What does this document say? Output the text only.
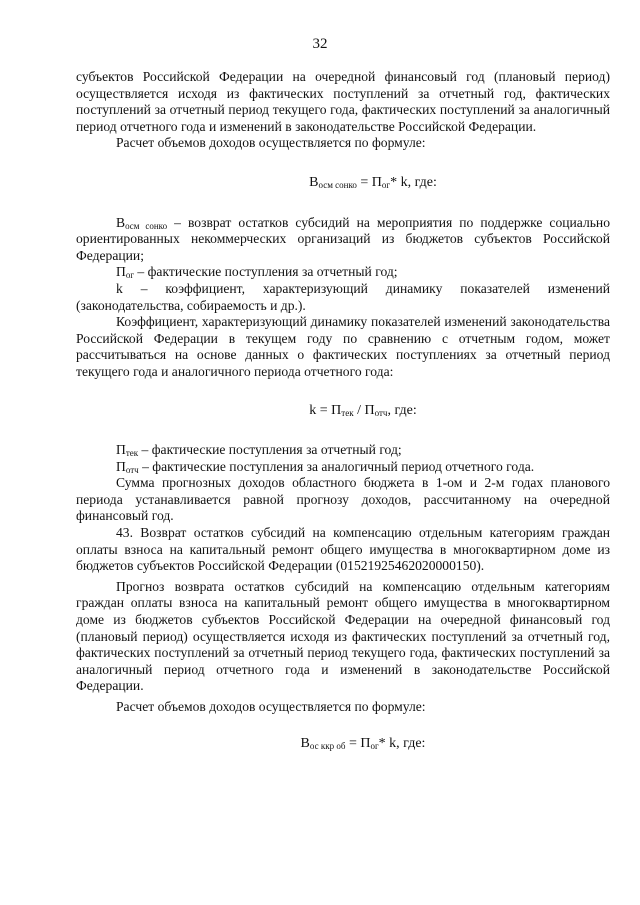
32

субъектов Российской Федерации на очередной финансовый год (плановый период) осуществляется исходя из фактических поступлений за отчетный год, фактических поступлений за отчетный период текущего года, фактических поступлений за аналогичный период отчетного года и изменений в законодательстве Российской Федерации.

Расчет объемов доходов осуществляется по формуле:

$В_{осм сонко} = П_{ог}*$ k, где:

$В_{осм сонко}$ – возврат остатков субсидий на мероприятия по поддержке социально ориентированных некоммерческих организаций из бюджетов субъектов Российской Федерации;

$П_{ог}$ – фактические поступления за отчетный год;

k – коэффициент, характеризующий динамику показателей изменений (законодательства, собираемость и др.).

Коэффициент, характеризующий динамику показателей изменений законодательства Российской Федерации в текущем году по сравнению с отчетным годом, может рассчитываться на основе данных о фактических поступлениях за отчетный период текущего года и аналогичного периода отчетного года:

$k = П_{тек} / П_{отч}$, где:

$П_{тек}$ – фактические поступления за отчетный год;

$П_{отч}$ – фактические поступления за аналогичный период отчетного года.

Сумма прогнозных доходов областного бюджета в 1-ом и 2-м годах планового периода устанавливается равной прогнозу доходов, рассчитанному на очередной финансовый год.

43. Возврат остатков субсидий на компенсацию отдельным категориям граждан оплаты взноса на капитальный ремонт общего имущества в многоквартирном доме из бюджетов субъектов Российской Федерации (01521925462020000150).

Прогноз возврата остатков субсидий на компенсацию отдельным категориям граждан оплаты взноса на капитальный ремонт общего имущества в многоквартирном доме из бюджетов субъектов Российской Федерации на очередной финансовый год (плановый период) осуществляется исходя из фактических поступлений за отчетный год, фактических поступлений за отчетный период текущего года, фактических поступлений за аналогичный период отчетного года и изменений в законодательстве Российской Федерации.

Расчет объемов доходов осуществляется по формуле:

$В_{ос ккр об} = П_{ог}*$ k, где:
